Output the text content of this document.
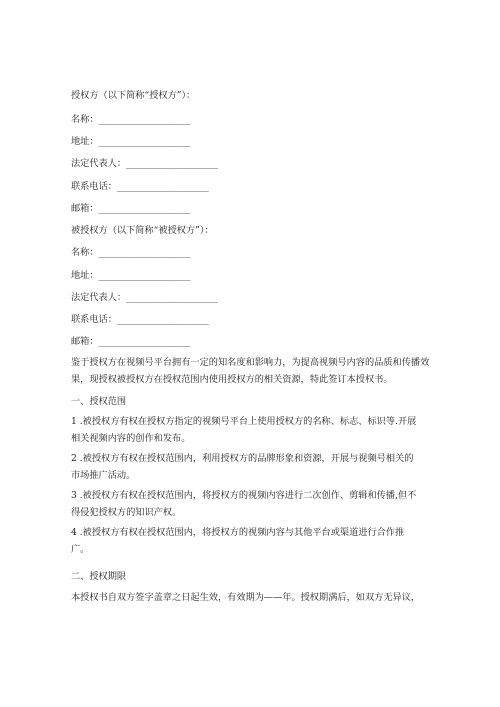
授权方（以下简称“授权方”）：
名称：____________________
地址：____________________
法定代表人：____________________
联系电话：____________________
邮箱：____________________
被授权方（以下简称“被授权方”）：
名称：____________________
地址：____________________
法定代表人：____________________
联系电话：____________________
邮箱：____________________
鉴于授权方在视频号平台拥有一定的知名度和影响力，为提高视频号内容的品质和传播效
果，现授权被授权方在授权范围内使用授权方的相关资源，特此签订本授权书。
一、授权范围
1 .被授权方有权在授权方指定的视频号平台上使用授权方的名称、标志、标识等.开展
相关视频内容的创作和发布。
2 .被授权方有权在授权范围内，利用授权方的品牌形象和资源，开展与视频号相关的
市场推广活动。
3 .被授权方有权在授权范围内，将授权方的视频内容进行二次创作、剪辑和传播,但不
得侵犯授权方的知识产权。
4 .被授权方有权在授权范围内，将授权方的视频内容与其他平台或渠道进行合作推
广。
二、授权期限
本授权书自双方签字盖章之日起生效，有效期为——年。授权期满后，如双方无异议，
